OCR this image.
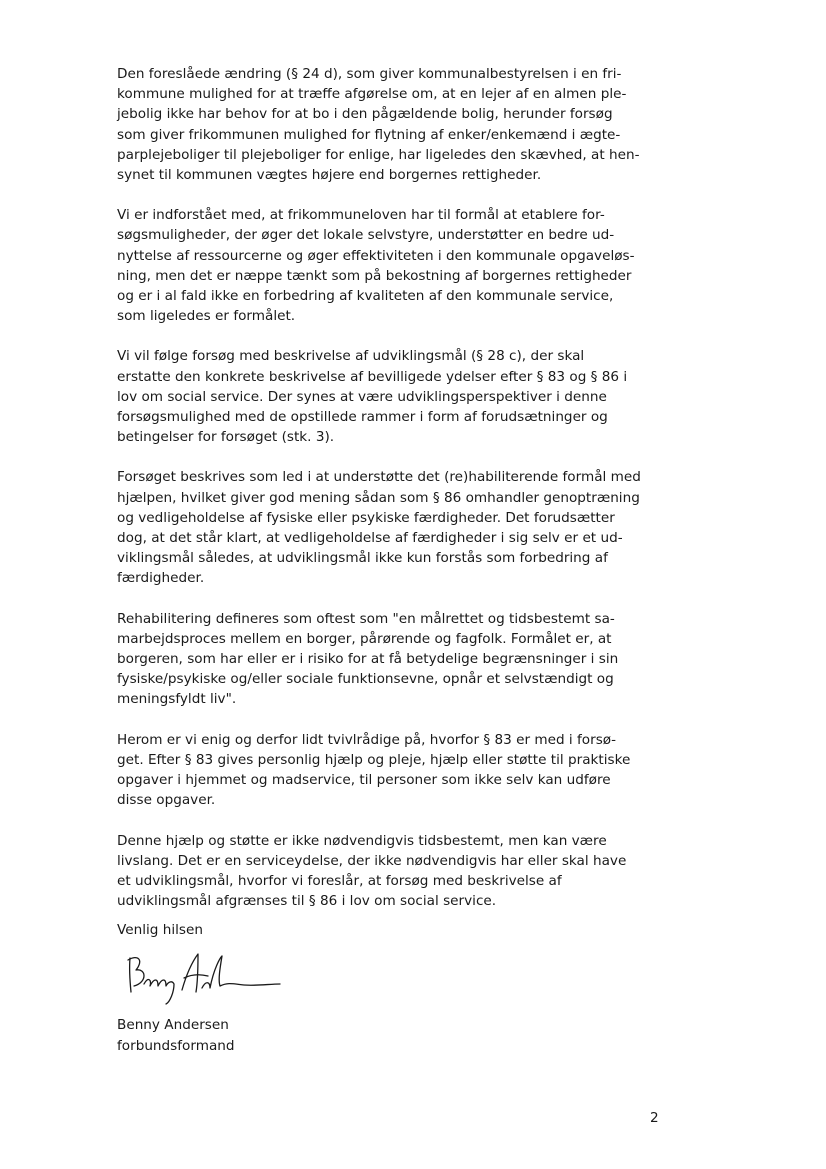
Den foreslåede ændring (§ 24 d), som giver kommunalbestyrelsen i en fri-
kommune mulighed for at træffe afgørelse om, at en lejer af en almen ple-
jebolig ikke har behov for at bo i den pågældende bolig, herunder forsøg
som giver frikommunen mulighed for flytning af enker/enkemænd i ægte-
parplejeboliger til plejeboliger for enlige, har ligeledes den skævhed, at hen-
synet til kommunen vægtes højere end borgernes rettigheder.

Vi er indforstået med, at frikommuneloven har til formål at etablere for-
søgsmuligheder, der øger det lokale selvstyre, understøtter en bedre ud-
nyttelse af ressourcerne og øger effektiviteten i den kommunale opgaveløs-
ning, men det er næppe tænkt som på bekostning af borgernes rettigheder
og er i al fald ikke en forbedring af kvaliteten af den kommunale service,
som ligeledes er formålet.

Vi vil følge forsøg med beskrivelse af udviklingsmål (§ 28 c), der skal
erstatte den konkrete beskrivelse af bevilligede ydelser efter § 83 og § 86 i
lov om social service. Der synes at være udviklingsperspektiver i denne
forsøgsmulighed med de opstillede rammer i form af forudsætninger og
betingelser for forsøget (stk. 3).

Forsøget beskrives som led i at understøtte det (re)habiliterende formål med
hjælpen, hvilket giver god mening sådan som § 86 omhandler genoptræning
og vedligeholdelse af fysiske eller psykiske færdigheder. Det forudsætter
dog, at det står klart, at vedligeholdelse af færdigheder i sig selv er et ud-
viklingsmål således, at udviklingsmål ikke kun forstås som forbedring af
færdigheder.

Rehabilitering defineres som oftest som "en målrettet og tidsbestemt sa-
marbejdsproces mellem en borger, pårørende og fagfolk. Formålet er, at
borgeren, som har eller er i risiko for at få betydelige begrænsninger i sin
fysiske/psykiske og/eller sociale funktionsevne, opnår et selvstændigt og
meningsfyldt liv".

Herom er vi enig og derfor lidt tvivlrådige på, hvorfor § 83 er med i forsø-
get. Efter § 83 gives personlig hjælp og pleje, hjælp eller støtte til praktiske
opgaver i hjemmet og madservice, til personer som ikke selv kan udføre
disse opgaver.

Denne hjælp og støtte er ikke nødvendigvis tidsbestemt, men kan være
livslang. Det er en serviceydelse, der ikke nødvendigvis har eller skal have
et udviklingsmål, hvorfor vi foreslår, at forsøg med beskrivelse af
udviklingsmål afgrænses til § 86 i lov om social service.

Venlig hilsen
Benny Andersen
forbundsformand
2
